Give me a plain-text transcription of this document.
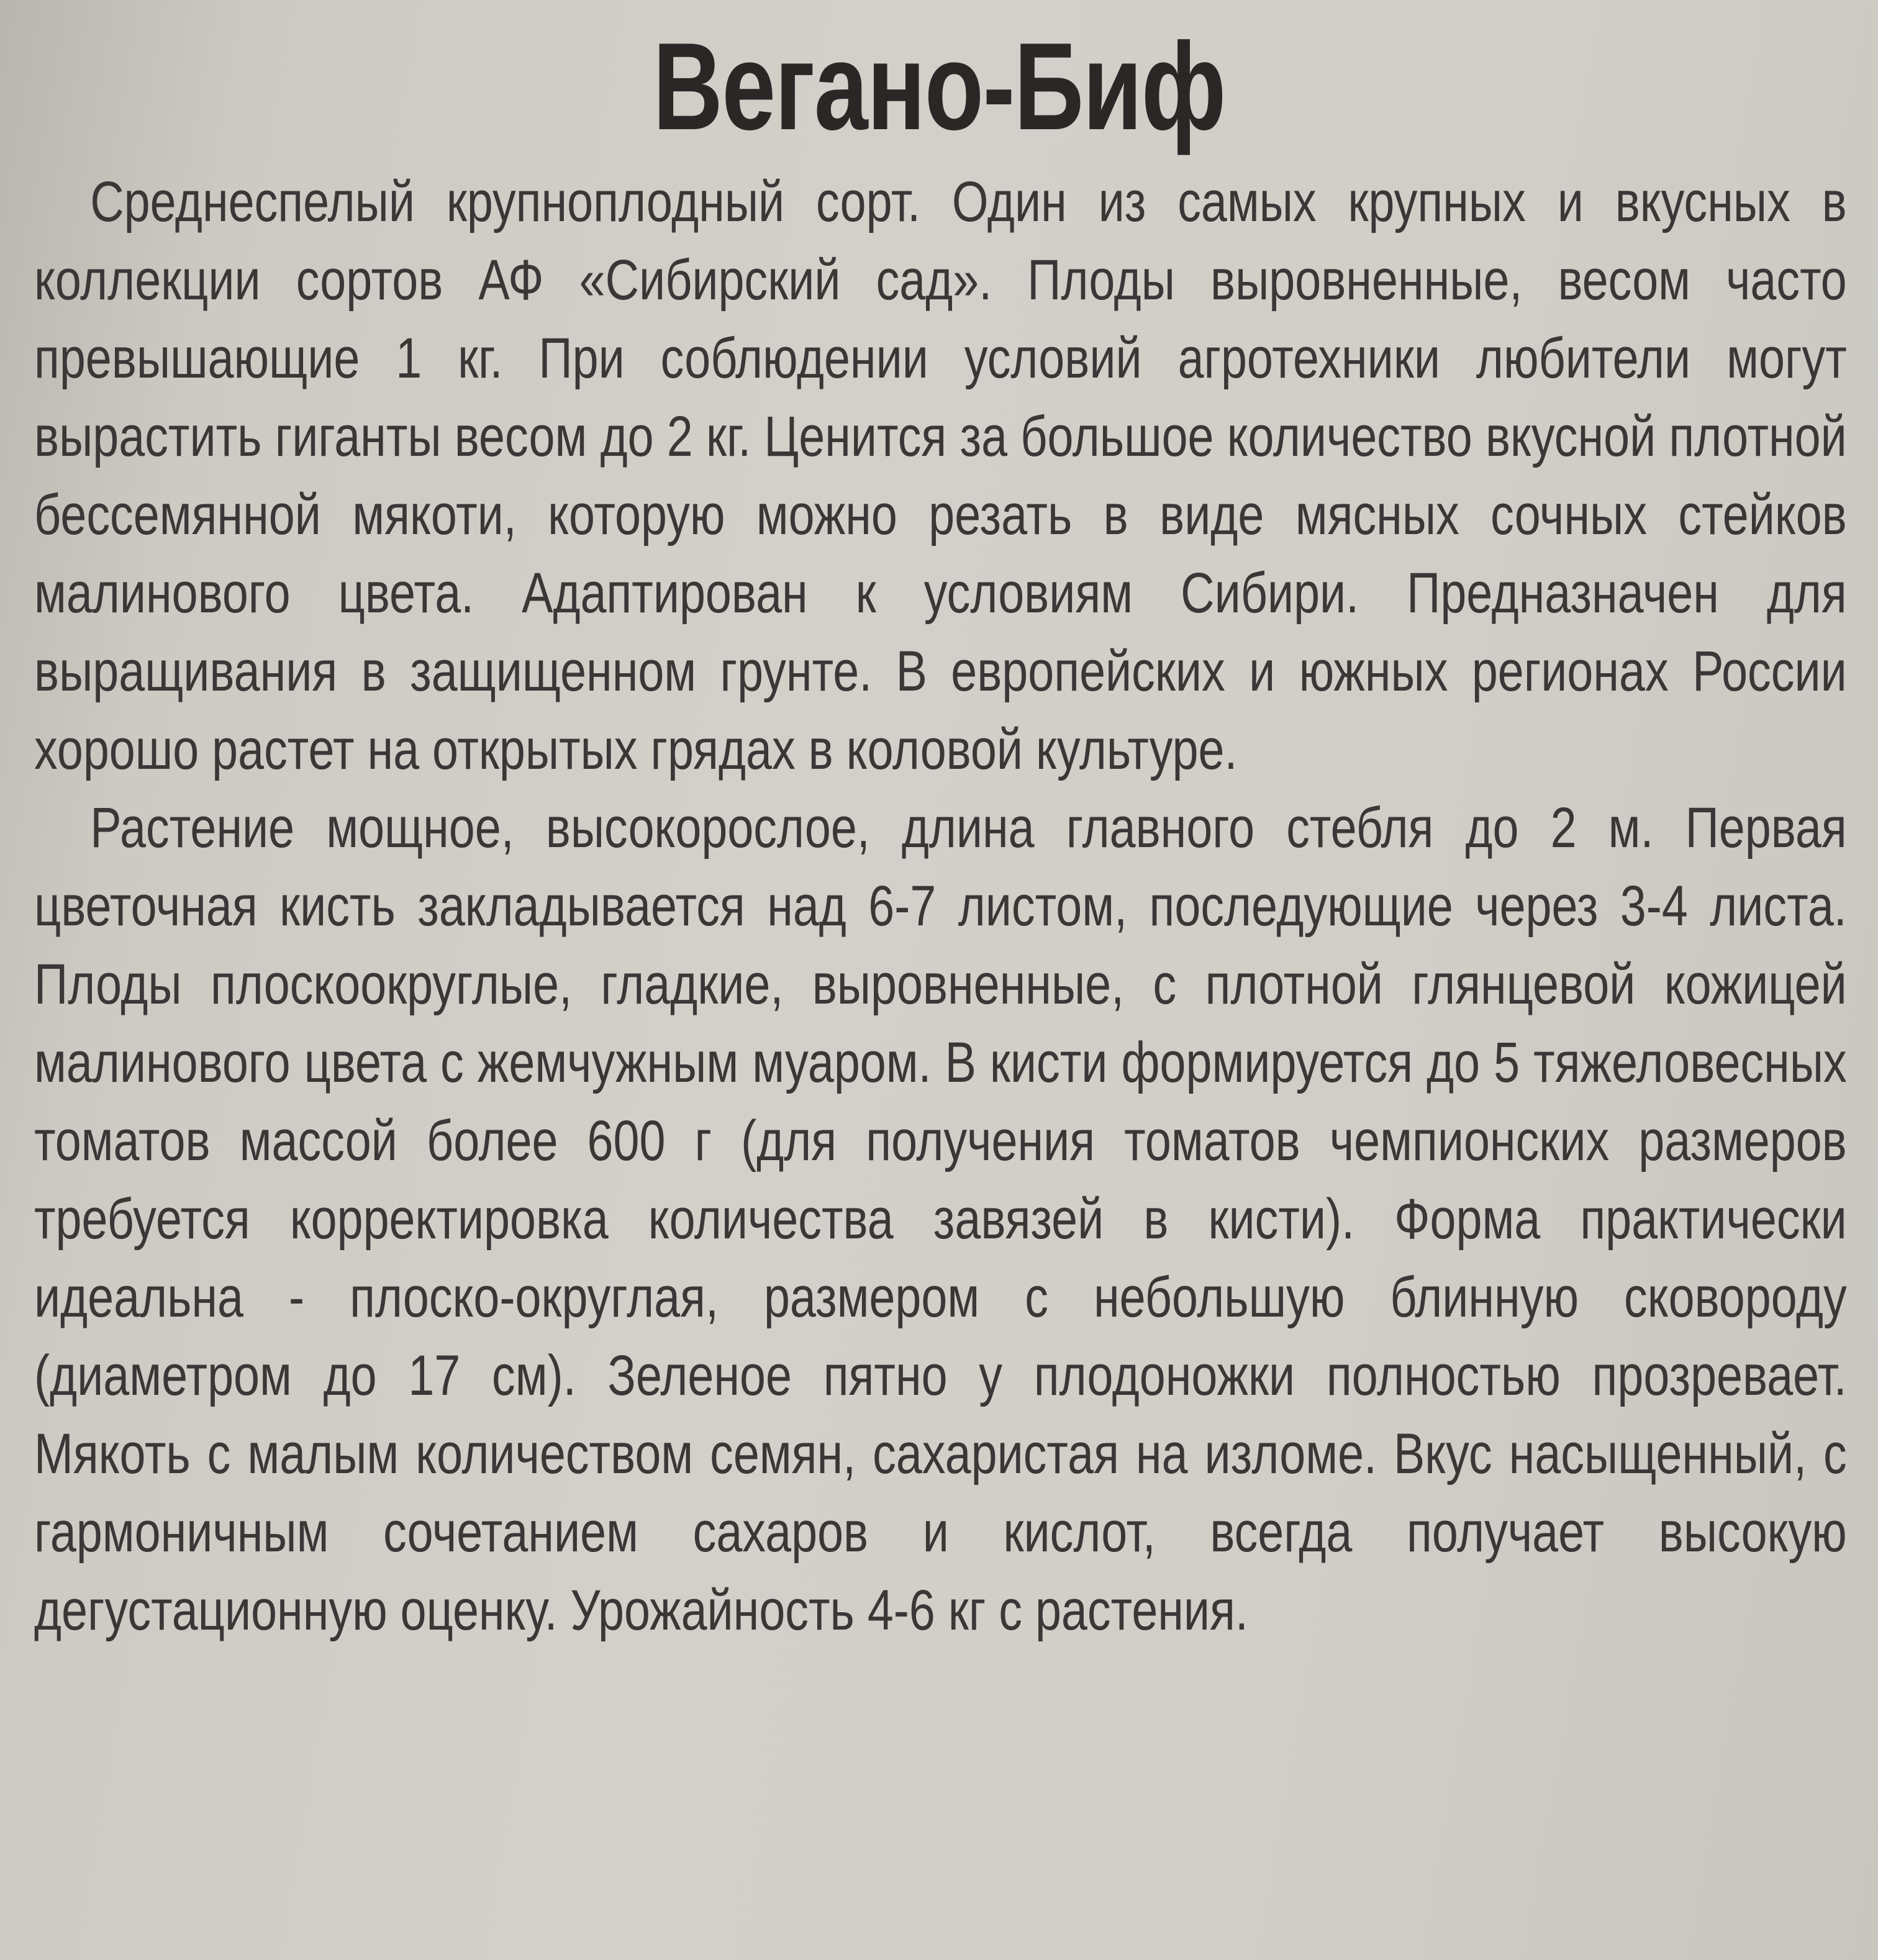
Вегано-Биф

Среднеспелый крупноплодный сорт. Один из самых крупных и вкусных в коллекции сортов АФ «Сибирский сад». Плоды выровненные, весом часто превышающие 1 кг. При соблюдении условий агротехники любители могут вырастить гиганты весом до 2 кг. Ценится за большое количество вкусной плотной бессемянной мякоти, которую можно резать в виде мясных сочных стейков малинового цвета. Адаптирован к условиям Сибири. Предназначен для выращивания в защищенном грунте. В европейских и южных регионах России хорошо растет на открытых грядах в коловой культуре.

Растение мощное, высокорослое, длина главного стебля до 2 м. Первая цветочная кисть закладывается над 6-7 листом, последующие через 3-4 листа. Плоды плоскоокруглые, гладкие, выровненные, с плотной глянцевой кожицей малинового цвета с жемчужным муаром. В кисти формируется до 5 тяжеловесных томатов массой более 600 г (для получения томатов чемпионских размеров требуется корректировка количества завязей в кисти). Форма практически идеальна - плоско-округлая, размером с небольшую блинную сковороду (диаметром до 17 см). Зеленое пятно у плодоножки полностью прозревает. Мякоть с малым количеством семян, сахаристая на изломе. Вкус насыщенный, с гармоничным сочетанием сахаров и кислот, всегда получает высокую дегустационную оценку. Урожайность 4-6 кг с растения.
